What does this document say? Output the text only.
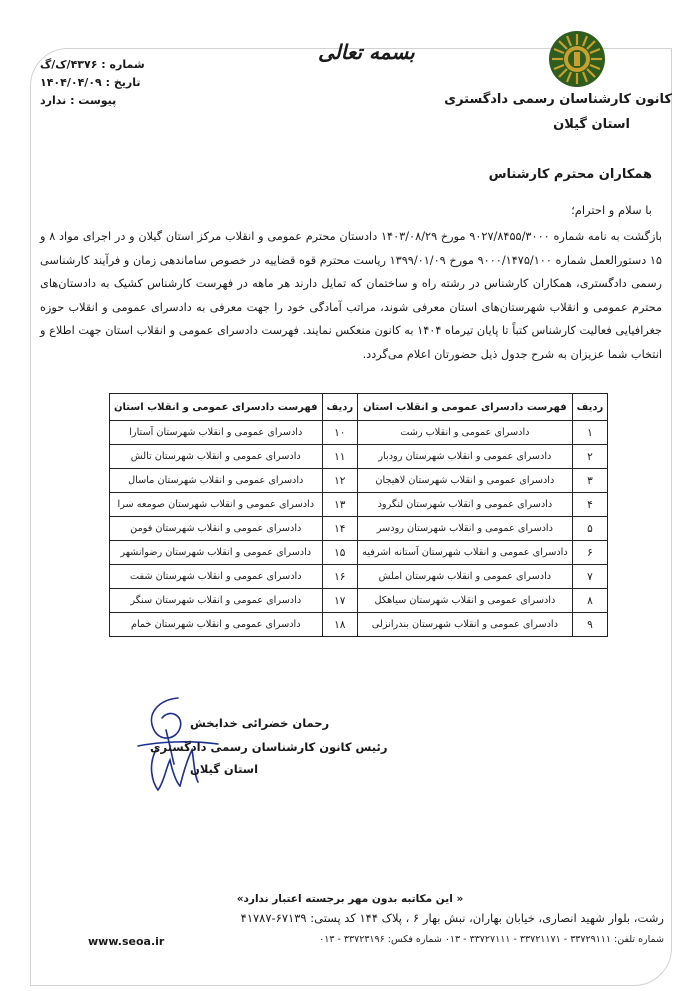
کانون کارشناسان رسمی دادگستری
استان گیلان
بسمه تعالی
شماره : ۴۳۷۶/ک/گ
تاریخ : ۱۴۰۴/۰۴/۰۹
پیوست : ندارد
همکاران محترم کارشناس
با سلام و احترام؛
بازگشت به نامه شماره ۹۰۲۷/۸۴۵۵/۳۰۰۰ مورخ ۱۴۰۳/۰۸/۲۹ دادستان محترم عمومی و انقلاب مرکز استان گیلان و در اجرای مواد ۸ و ۱۵ دستورالعمل شماره ۹۰۰۰/۱۴۷۵/۱۰۰ مورخ ۱۳۹۹/۰۱/۰۹ ریاست محترم قوه قضاییه در خصوص ساماندهی زمان و فرآیند کارشناسی رسمی دادگستری، همکاران کارشناس در رشته راه و ساختمان که تمایل دارند هر ماهه در فهرست کارشناس کشیک به دادستان‌های محترم عمومی و انقلاب شهرستان‌های استان معرفی شوند، مراتب آمادگی خود را جهت معرفی به دادسرای عمومی و انقلاب حوزه جغرافیایی فعالیت کارشناس کتباً تا پایان تیرماه ۱۴۰۴ به کانون منعکس نمایند. فهرست دادسرای عمومی و انقلاب استان جهت اطلاع و انتخاب شما عزیزان به شرح جدول ذیل حضورتان اعلام می‌گردد.
ردیف	فهرست دادسرای عمومی و انقلاب استان	ردیف	فهرست دادسرای عمومی و انقلاب استان
۱	دادسرای عمومی و انقلاب رشت	۱۰	دادسرای عمومی و انقلاب شهرستان آستارا
۲	دادسرای عمومی و انقلاب شهرستان رودبار	۱۱	دادسرای عمومی و انقلاب شهرستان تالش
۳	دادسرای عمومی و انقلاب شهرستان لاهیجان	۱۲	دادسرای عمومی و انقلاب شهرستان ماسال
۴	دادسرای عمومی و انقلاب شهرستان لنگرود	۱۳	دادسرای عمومی و انقلاب شهرستان صومعه سرا
۵	دادسرای عمومی و انقلاب شهرستان رودسر	۱۴	دادسرای عمومی و انقلاب شهرستان فومن
۶	دادسرای عمومی و انقلاب شهرستان آستانه اشرفیه	۱۵	دادسرای عمومی و انقلاب شهرستان رضوانشهر
۷	دادسرای عمومی و انقلاب شهرستان املش	۱۶	دادسرای عمومی و انقلاب شهرستان شفت
۸	دادسرای عمومی و انقلاب شهرستان سیاهکل	۱۷	دادسرای عمومی و انقلاب شهرستان سنگر
۹	دادسرای عمومی و انقلاب شهرستان بندرانزلی	۱۸	دادسرای عمومی و انقلاب شهرستان خمام
رحمان خضرائی خدابخش
رئیس کانون کارشناسان رسمی دادگستری
استان گیلان
« این مکاتبه بدون مهر برجسته اعتبار ندارد»
رشت، بلوار شهید انصاری، خیابان بهاران، نبش بهار ۶ ، پلاک ۱۴۴ کد پستی: ۶۷۱۳۹-۴۱۷۸۷
شماره تلفن: ۳۳۷۲۹۱۱۱ - ۳۳۷۲۱۱۷۱ - ۳۳۷۲۷۱۱۱ - ۰۱۳ شماره فکس: ۳۳۷۲۳۱۹۶ - ۰۱۳
www.seoa.ir
